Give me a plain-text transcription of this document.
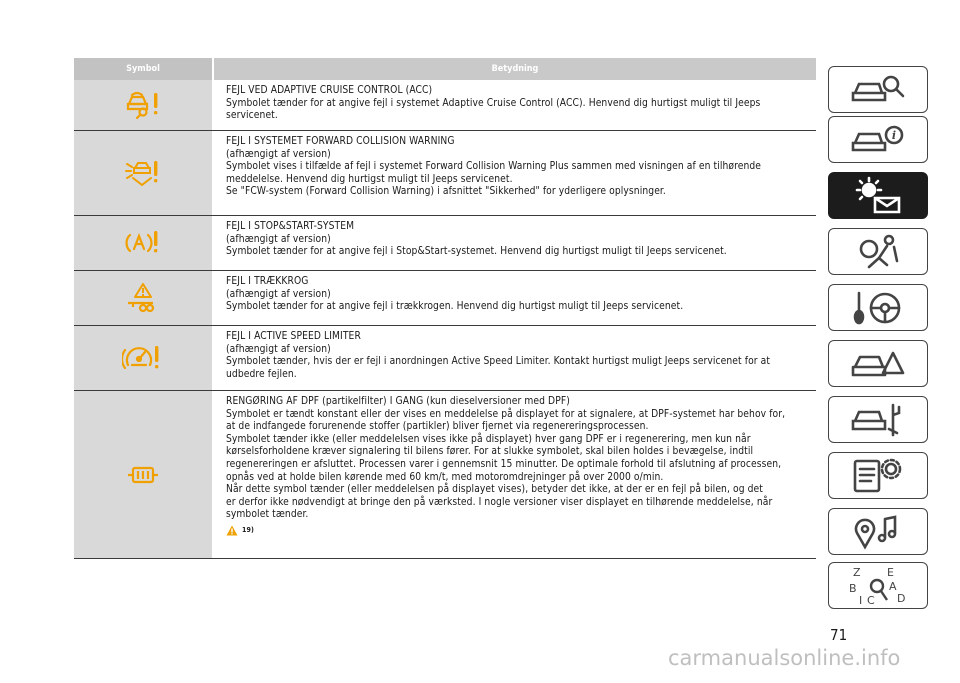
Symbol	Betydning
FEJL VED ADAPTIVE CRUISE CONTROL (ACC)
Symbolet tænder for at angive fejl i systemet Adaptive Cruise Control (ACC). Henvend dig hurtigst muligt til Jeeps
servicenet.
FEJL I SYSTEMET FORWARD COLLISION WARNING
(afhængigt af version)
Symbolet vises i tilfælde af fejl i systemet Forward Collision Warning Plus sammen med visningen af en tilhørende
meddelelse. Henvend dig hurtigst muligt til Jeeps servicenet.
Se "FCW-system (Forward Collision Warning) i afsnittet "Sikkerhed" for yderligere oplysninger.
FEJL I STOP&START-SYSTEM
(afhængigt af version)
Symbolet tænder for at angive fejl i Stop&Start-systemet. Henvend dig hurtigst muligt til Jeeps servicenet.
FEJL I TRÆKKROG
(afhængigt af version)
Symbolet tænder for at angive fejl i trækkrogen. Henvend dig hurtigst muligt til Jeeps servicenet.
FEJL I ACTIVE SPEED LIMITER
(afhængigt af version)
Symbolet tænder, hvis der er fejl i anordningen Active Speed Limiter. Kontakt hurtigst muligt Jeeps servicenet for at
udbedre fejlen.
RENGØRING AF DPF (partikelfilter) I GANG (kun dieselversioner med DPF)
Symbolet er tændt konstant eller der vises en meddelelse på displayet for at signalere, at DPF-systemet har behov for,
at de indfangede forurenende stoffer (partikler) bliver fjernet via regenereringsprocessen.
Symbolet tænder ikke (eller meddelelsen vises ikke på displayet) hver gang DPF er i regenerering, men kun når
kørselsforholdene kræver signalering til bilens fører. For at slukke symbolet, skal bilen holdes i bevægelse, indtil
regenereringen er afsluttet. Processen varer i gennemsnit 15 minutter. De optimale forhold til afslutning af processen,
opnås ved at holde bilen kørende med 60 km/t, med motoromdrejninger på over 2000 o/min.
Når dette symbol tænder (eller meddelelsen på displayet vises), betyder det ikke, at der er en fejl på bilen, og det
er derfor ikke nødvendigt at bringe den på værksted. I nogle versioner viser displayet en tilhørende meddelelse, når
symbolet tænder.
19)
i
Z E
B	A
I C D
71
carmanualsonline.info
